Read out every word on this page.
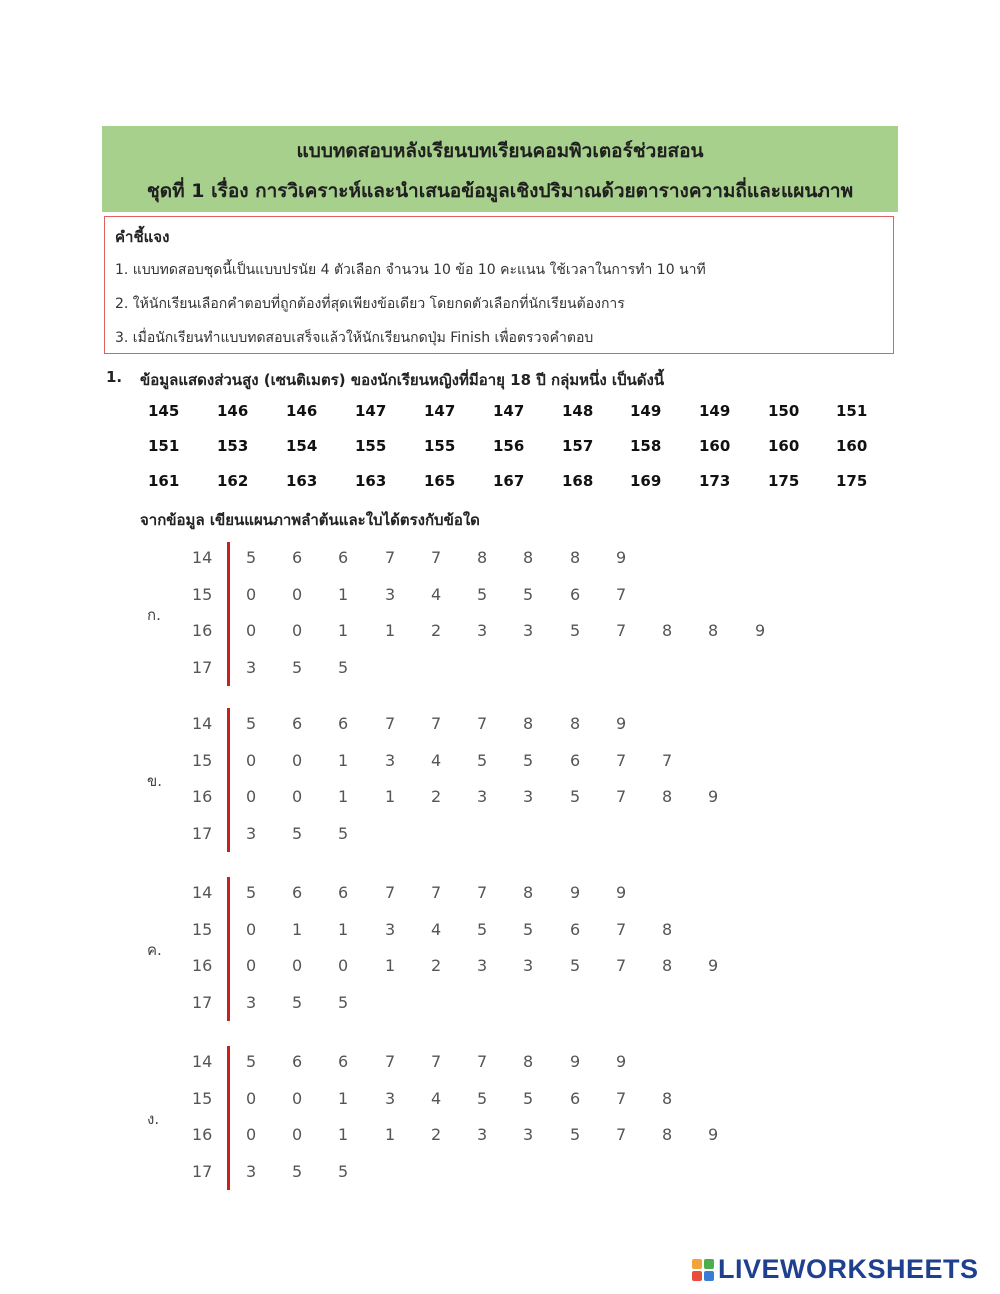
แบบทดสอบหลังเรียนบทเรียนคอมพิวเตอร์ช่วยสอน
ชุดที่ 1 เรื่อง การวิเคราะห์และนำเสนอข้อมูลเชิงปริมาณด้วยตารางความถี่และแผนภาพ
คำชี้แจง
1. แบบทดสอบชุดนี้เป็นแบบปรนัย 4 ตัวเลือก จำนวน 10 ข้อ 10 คะแนน ใช้เวลาในการทำ 10 นาที
2. ให้นักเรียนเลือกคำตอบที่ถูกต้องที่สุดเพียงข้อเดียว โดยกดตัวเลือกที่นักเรียนต้องการ
3. เมื่อนักเรียนทำแบบทดสอบเสร็จแล้วให้นักเรียนกดปุ่ม Finish เพื่อตรวจคำตอบ
1. ข้อมูลแสดงส่วนสูง (เซนติเมตร) ของนักเรียนหญิงที่มีอายุ 18 ปี กลุ่มหนึ่ง เป็นดังนี้
145	146	146	147	147	147	148 149	149	150 151
151	153	154	155	155	156	157 158	160	160 160
161	162	163	163	165	167	168 169	173	175 175
จากข้อมูล เขียนแผนภาพลำต้นและใบได้ตรงกับข้อใด
ก.
14 5 6 6 7 7 8 8 8 9
15 0 0 1 3 4 5 5 6 7
16 0 0 1 1 2 3 3 5 7 8 8 9
17 3 5 5
ข.
14 5 6 6 7 7 7 8 8 9
15 0 0 1 3 4 5 5 6 7 7
16 0 0 1 1 2 3 3 5 7 8 9
17 3 5 5
ค.
14 5 6 6 7 7 7 8 9 9
15 0 1 1 3 4 5 5 6 7 8
16 0 0 0 1 2 3 3 5 7 8 9
17 3 5 5
ง.
14 5 6 6 7 7 7 8 9 9
15 0 0 1 3 4 5 5 6 7 8
16 0 0 1 1 2 3 3 5 7 8 9
17 3 5 5
LIVEWORKSHEETS
